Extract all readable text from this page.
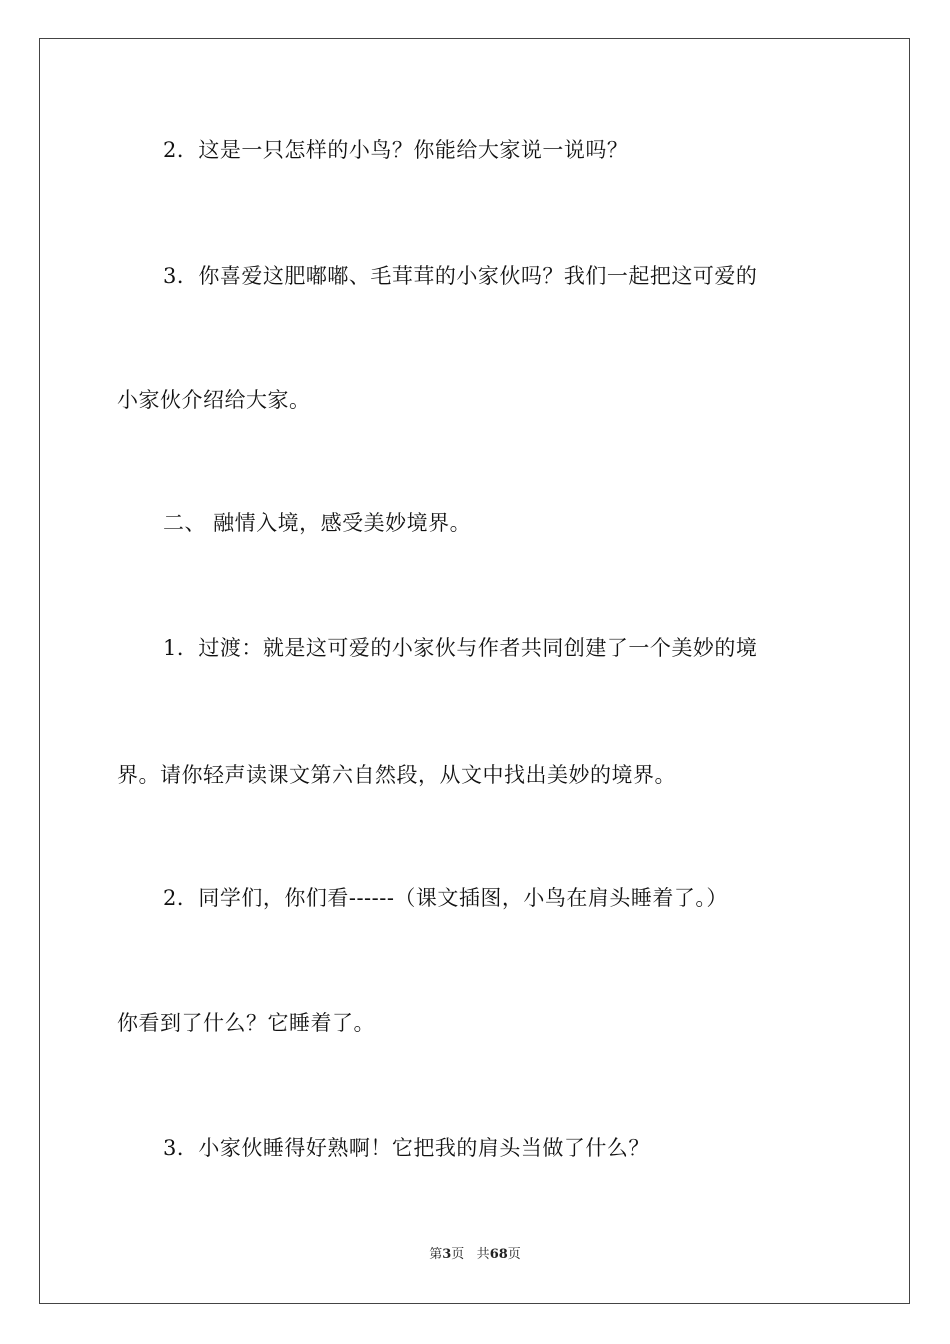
2．这是一只怎样的小鸟？你能给大家说一说吗？
3．你喜爱这肥嘟嘟、毛茸茸的小家伙吗？我们一起把这可爱的
小家伙介绍给大家。
二、 融情入境，感受美妙境界。
1．过渡：就是这可爱的小家伙与作者共同创建了一个美妙的境
界。请你轻声读课文第六自然段，从文中找出美妙的境界。
2．同学们，你们看------（课文插图，小鸟在肩头睡着了。）
你看到了什么？它睡着了。
3．小家伙睡得好熟啊！它把我的肩头当做了什么？
第3页 共68页
